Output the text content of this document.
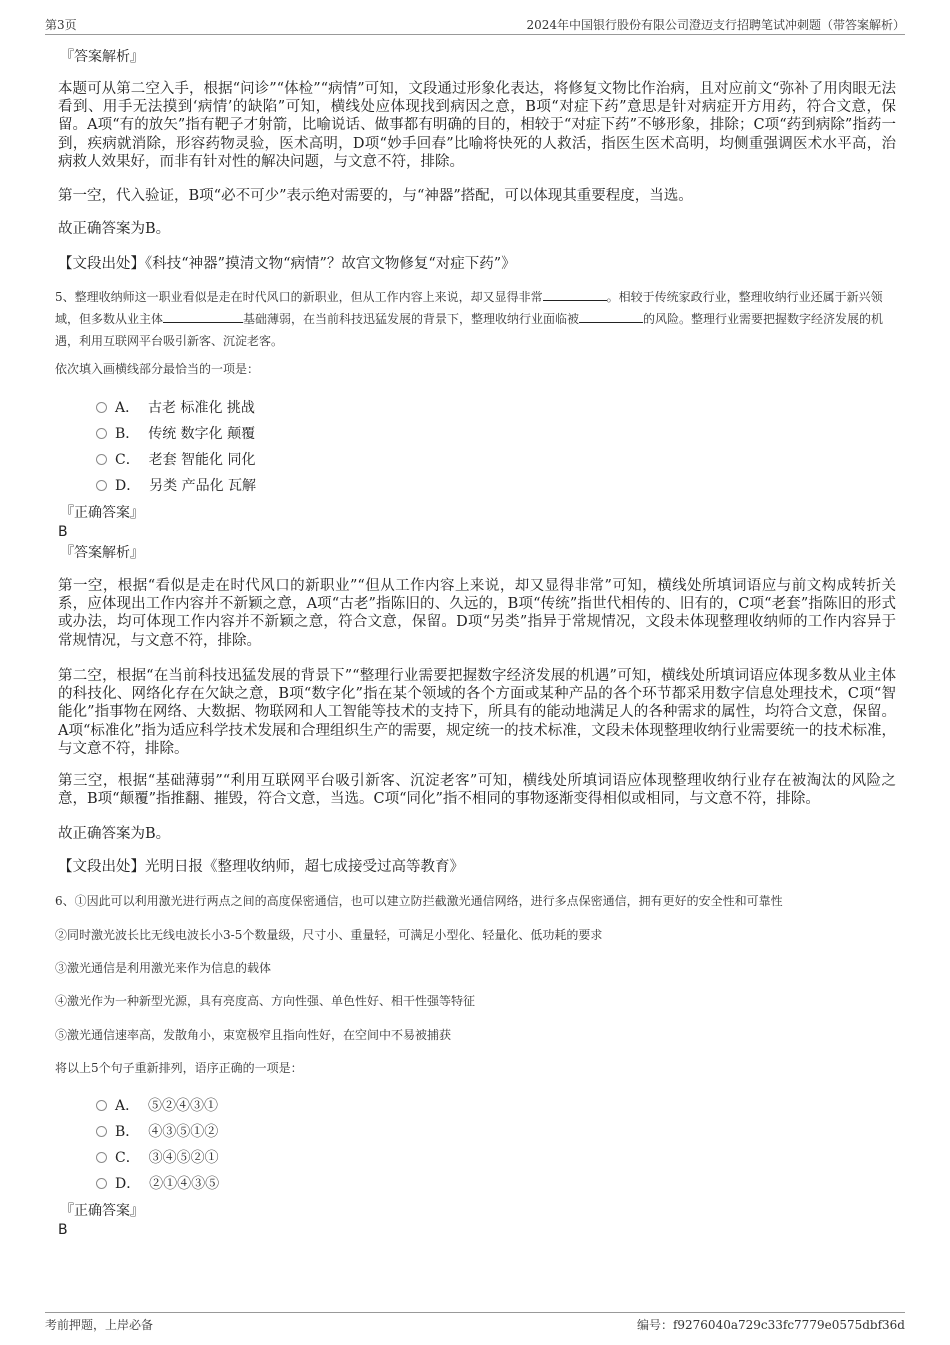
第3页	2024年中国银行股份有限公司澄迈支行招聘笔试冲刺题（带答案解析）
『答案解析』
本题可从第二空入手，根据“问诊”“体检”“病情”可知，文段通过形象化表达，将修复文物比作治病，且对应前文“弥补了用肉眼无法看到、用手无法摸到‘病情’的缺陷”可知，横线处应体现找到病因之意，B项“对症下药”意思是针对病症开方用药，符合文意，保留。A项“有的放矢”指有靶子才射箭，比喻说话、做事都有明确的目的，相较于“对症下药”不够形象，排除；C项“药到病除”指药一到，疾病就消除，形容药物灵验，医术高明，D项“妙手回春”比喻将快死的人救活，指医生医术高明，均侧重强调医术水平高，治病救人效果好，而非有针对性的解决问题，与文意不符，排除。
第一空，代入验证，B项“必不可少”表示绝对需要的，与“神器”搭配，可以体现其重要程度，当选。
故正确答案为B。
【文段出处】《科技“神器”摸清文物“病情”？故宫文物修复“对症下药”》
5、整理收纳师这一职业看似是走在时代风口的新职业，但从工作内容上来说，却又显得非常	。相较于传统家政行业，整理收纳行业还属于新兴领域，但多数从业主体	基础薄弱，在当前科技迅猛发展的背景下，整理收纳行业面临被	的风险。整理行业需要把握数字经济发展的机遇，利用互联网平台吸引新客、沉淀老客。
依次填入画横线部分最恰当的一项是：
A．  古老 标准化 挑战
B．  传统 数字化 颠覆
C．  老套 智能化 同化
D．  另类 产品化 瓦解
『正确答案』
B
『答案解析』
第一空，根据“看似是走在时代风口的新职业”“但从工作内容上来说，却又显得非常”可知，横线处所填词语应与前文构成转折关系，应体现出工作内容并不新颖之意，A项“古老”指陈旧的、久远的，B项“传统”指世代相传的、旧有的，C项“老套”指陈旧的形式或办法，均可体现工作内容并不新颖之意，符合文意，保留。D项“另类”指异于常规情况，文段未体现整理收纳师的工作内容异于常规情况，与文意不符，排除。
第二空，根据“在当前科技迅猛发展的背景下”“整理行业需要把握数字经济发展的机遇”可知，横线处所填词语应体现多数从业主体的科技化、网络化存在欠缺之意，B项“数字化”指在某个领域的各个方面或某种产品的各个环节都采用数字信息处理技术，C项“智能化”指事物在网络、大数据、物联网和人工智能等技术的支持下，所具有的能动地满足人的各种需求的属性，均符合文意，保留。A项“标准化”指为适应科学技术发展和合理组织生产的需要，规定统一的技术标准，文段未体现整理收纳行业需要统一的技术标准，与文意不符，排除。
第三空，根据“基础薄弱”“利用互联网平台吸引新客、沉淀老客”可知，横线处所填词语应体现整理收纳行业存在被淘汰的风险之意，B项“颠覆”指推翻、摧毁，符合文意，当选。C项“同化”指不相同的事物逐渐变得相似或相同，与文意不符，排除。
故正确答案为B。
【文段出处】光明日报《整理收纳师，超七成接受过高等教育》
6、①因此可以利用激光进行两点之间的高度保密通信，也可以建立防拦截激光通信网络，进行多点保密通信，拥有更好的安全性和可靠性
②同时激光波长比无线电波长小3-5个数量级，尺寸小、重量轻，可满足小型化、轻量化、低功耗的要求
③激光通信是利用激光来作为信息的载体
④激光作为一种新型光源，具有亮度高、方向性强、单色性好、相干性强等特征
⑤激光通信速率高，发散角小，束宽极窄且指向性好，在空间中不易被捕获
将以上5个句子重新排列，语序正确的一项是：
A．  ⑤②④③①
B．  ④③⑤①②
C．  ③④⑤②①
D．  ②①④③⑤
『正确答案』
B
考前押题，上岸必备	编号：f9276040a729c33fc7779e0575dbf36d
